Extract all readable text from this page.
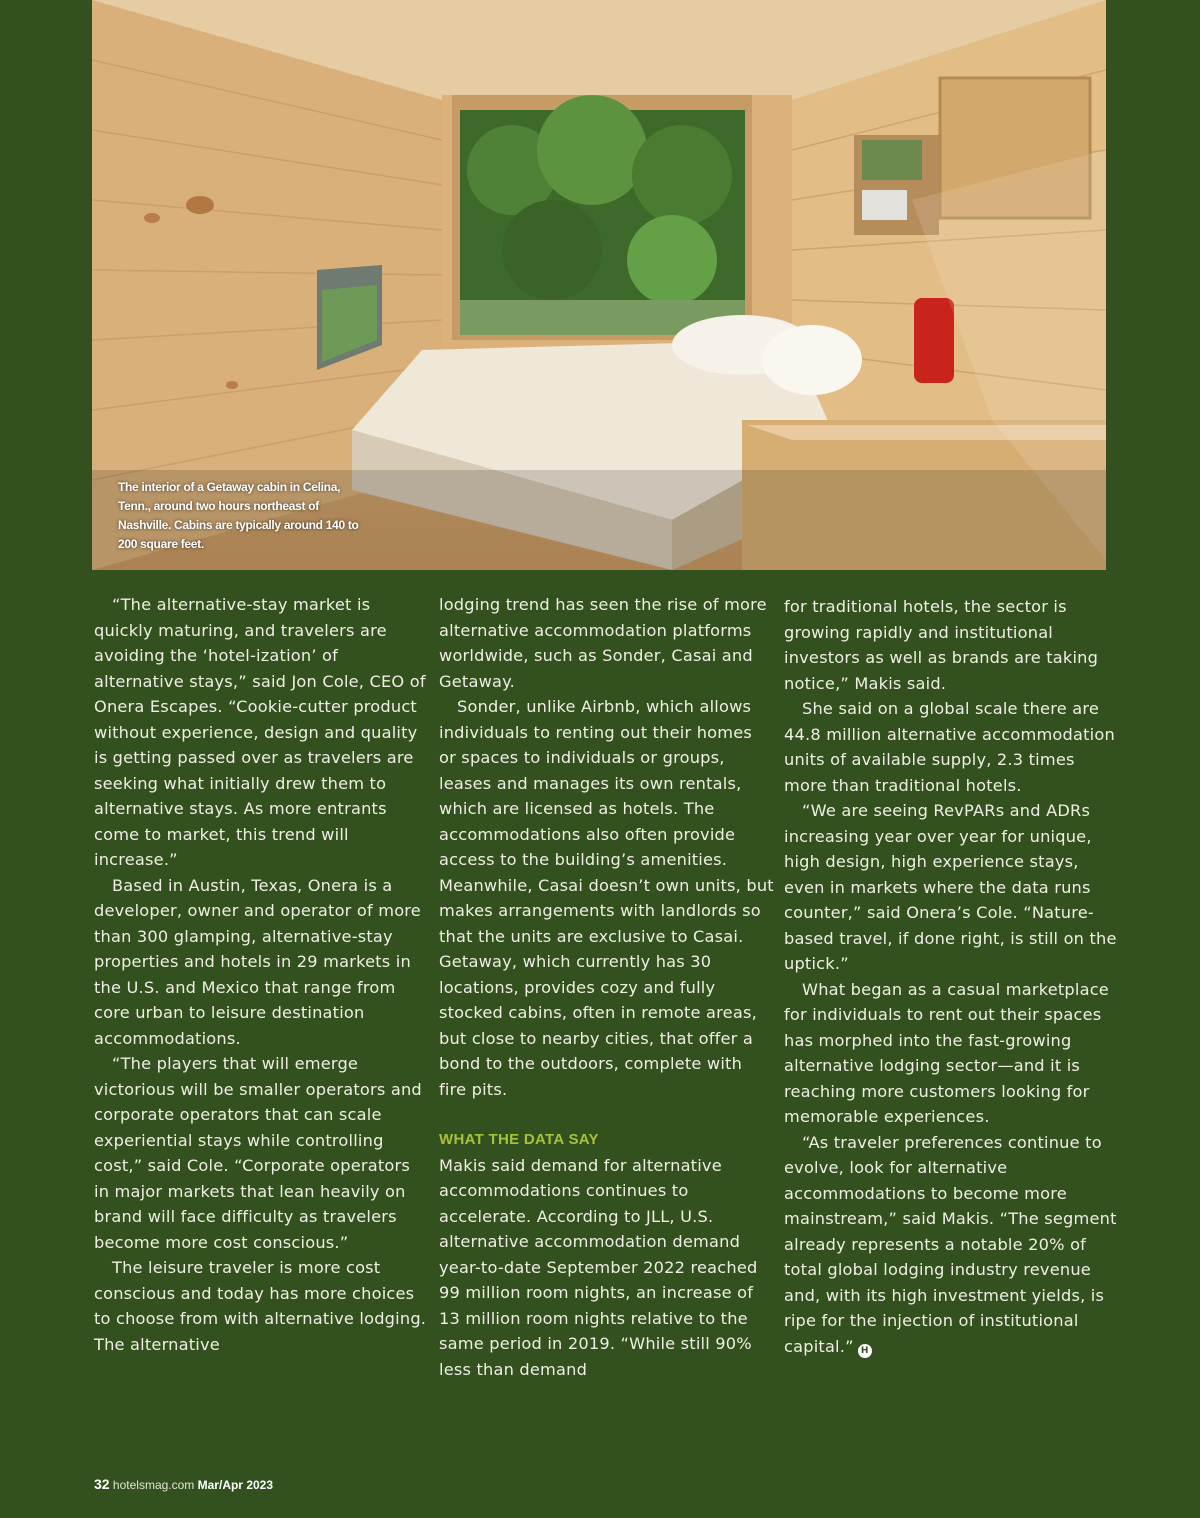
The interior of a Getaway cabin in Celina, Tenn., around two hours northeast of Nashville. Cabins are typically around 140 to 200 square feet.

“The alternative-stay market is quickly maturing, and travelers are avoiding the ‘hotel-ization’ of alternative stays,” said Jon Cole, CEO of Onera Escapes. “Cookie-cutter product without experience, design and quality is getting passed over as travelers are seeking what initially drew them to alternative stays. As more entrants come to market, this trend will increase.”

Based in Austin, Texas, Onera is a developer, owner and operator of more than 300 glamping, alternative-stay properties and hotels in 29 markets in the U.S. and Mexico that range from core urban to leisure destination accommodations.

“The players that will emerge victorious will be smaller operators and corporate operators that can scale experiential stays while controlling cost,” said Cole. “Corporate operators in major markets that lean heavily on brand will face difficulty as travelers become more cost conscious.”

The leisure traveler is more cost conscious and today has more choices to choose from with alternative lodging. The alternative

lodging trend has seen the rise of more alternative accommodation platforms worldwide, such as Sonder, Casai and Getaway.

Sonder, unlike Airbnb, which allows individuals to renting out their homes or spaces to individuals or groups, leases and manages its own rentals, which are licensed as hotels. The accommodations also often provide access to the building’s amenities. Meanwhile, Casai doesn’t own units, but makes arrangements with landlords so that the units are exclusive to Casai. Getaway, which currently has 30 locations, provides cozy and fully stocked cabins, often in remote areas, but close to nearby cities, that offer a bond to the outdoors, complete with fire pits.

WHAT THE DATA SAY

Makis said demand for alternative accommodations continues to accelerate. According to JLL, U.S. alternative accommodation demand year-to-date September 2022 reached 99 million room nights, an increase of 13 million room nights relative to the same period in 2019. “While still 90% less than demand

for traditional hotels, the sector is growing rapidly and institutional investors as well as brands are taking notice,” Makis said.

She said on a global scale there are 44.8 million alternative accommodation units of available supply, 2.3 times more than traditional hotels.

“We are seeing RevPARs and ADRs increasing year over year for unique, high design, high experience stays, even in markets where the data runs counter,” said Onera’s Cole. “Nature-based travel, if done right, is still on the uptick.”

What began as a casual marketplace for individuals to rent out their spaces has morphed into the fast-growing alternative lodging sector—and it is reaching more customers looking for memorable experiences.

“As traveler preferences continue to evolve, look for alternative accommodations to become more mainstream,” said Makis. “The segment already represents a notable 20% of total global lodging industry revenue and, with its high investment yields, is ripe for the injection of institutional capital.” H

32 hotelsmag.com Mar/Apr 2023
